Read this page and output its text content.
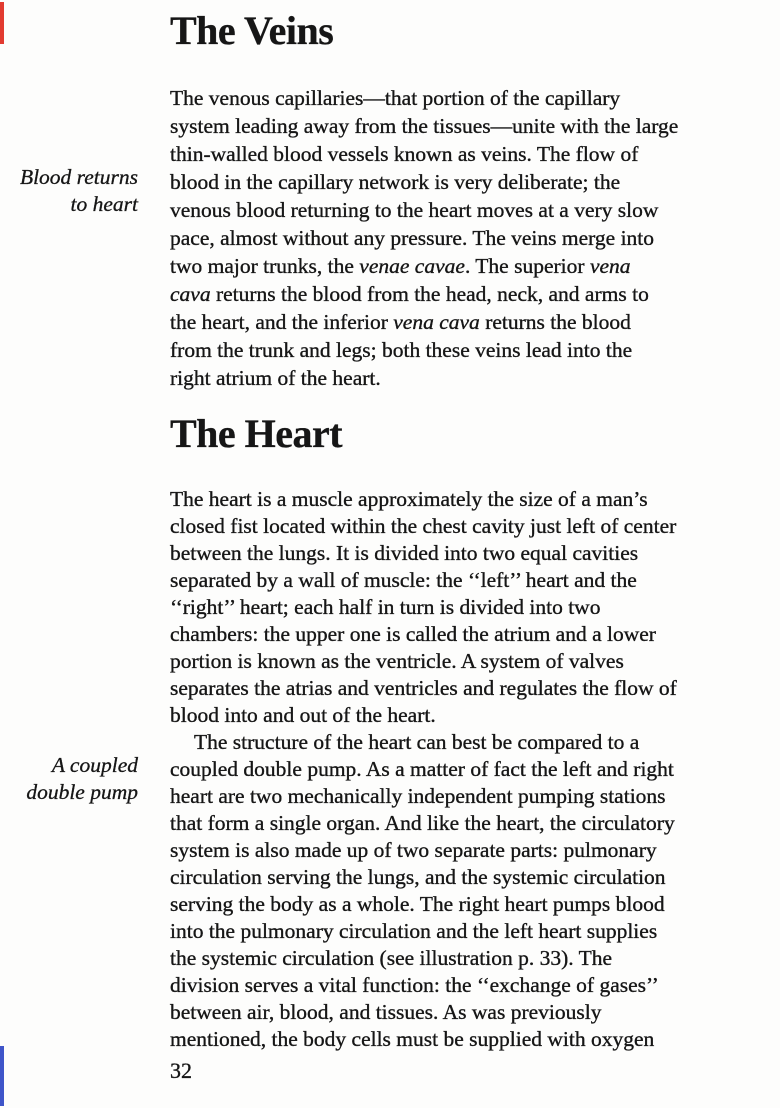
The Veins
Blood returns
to heart
The venous capillaries—that portion of the capillary
system leading away from the tissues—unite with the large
thin-walled blood vessels known as veins. The flow of
blood in the capillary network is very deliberate; the
venous blood returning to the heart moves at a very slow
pace, almost without any pressure. The veins merge into
two major trunks, the venae cavae. The superior vena
cava returns the blood from the head, neck, and arms to
the heart, and the inferior vena cava returns the blood
from the trunk and legs; both these veins lead into the
right atrium of the heart.
The Heart
The heart is a muscle approximately the size of a man’s
closed fist located within the chest cavity just left of center
between the lungs. It is divided into two equal cavities
separated by a wall of muscle: the ‘‘left’’ heart and the
‘‘right’’ heart; each half in turn is divided into two
chambers: the upper one is called the atrium and a lower
portion is known as the ventricle. A system of valves
separates the atrias and ventricles and regulates the flow of
blood into and out of the heart.
The structure of the heart can best be compared to a
coupled double pump. As a matter of fact the left and right
heart are two mechanically independent pumping stations
that form a single organ. And like the heart, the circulatory
system is also made up of two separate parts: pulmonary
circulation serving the lungs, and the systemic circulation
serving the body as a whole. The right heart pumps blood
into the pulmonary circulation and the left heart supplies
the systemic circulation (see illustration p. 33). The
division serves a vital function: the ‘‘exchange of gases’’
between air, blood, and tissues. As was previously
mentioned, the body cells must be supplied with oxygen
A coupled
double pump
32
